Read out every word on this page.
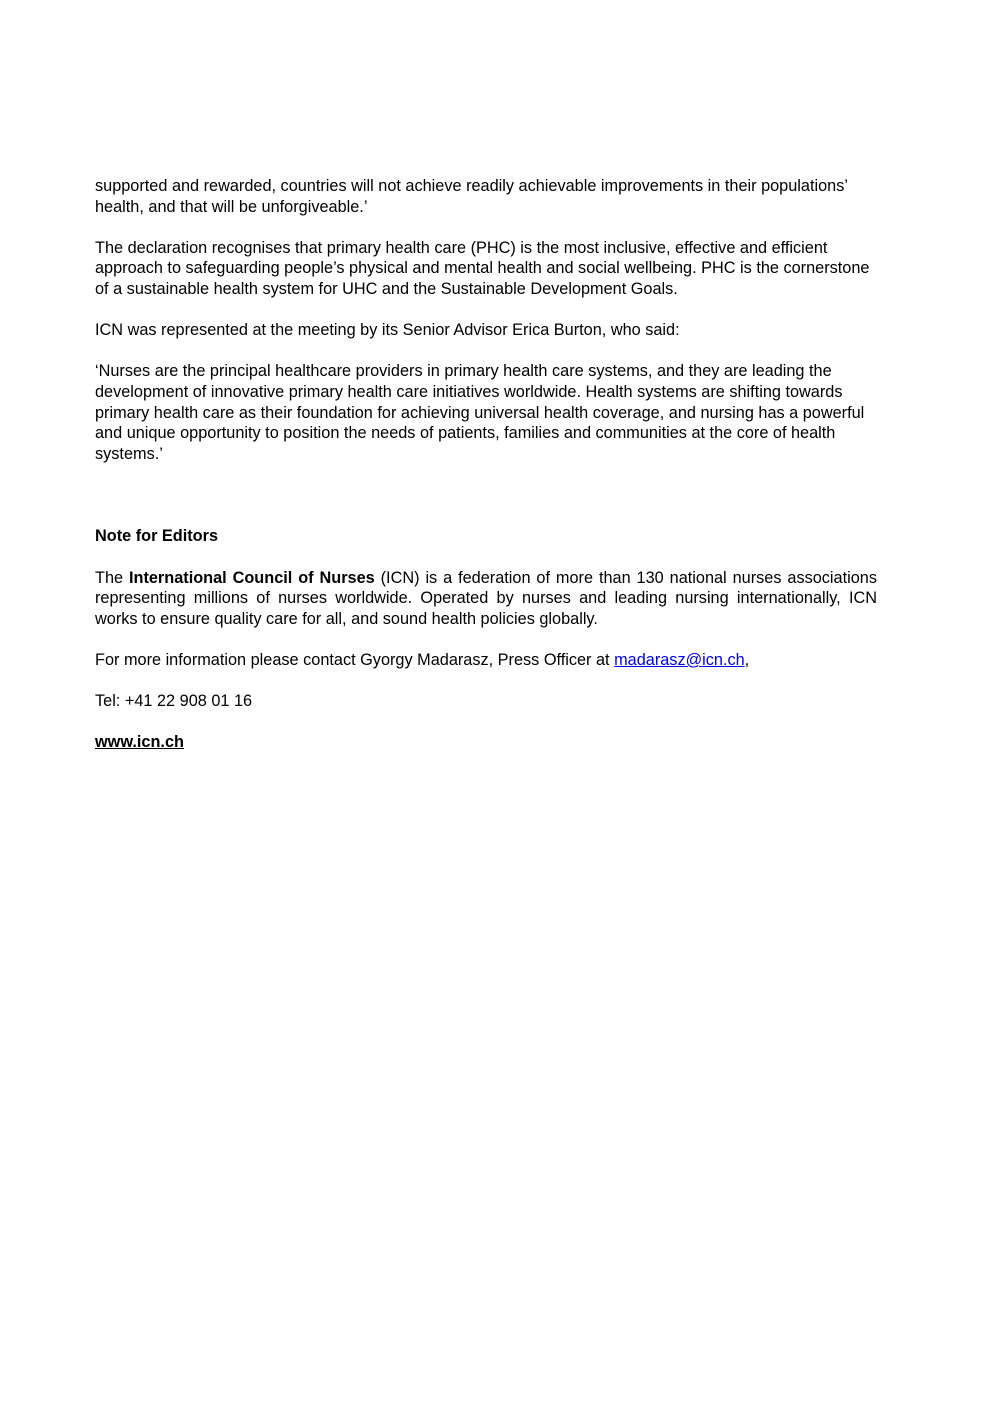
supported and rewarded, countries will not achieve readily achievable improvements in their populations’ health, and that will be unforgiveable.’

The declaration recognises that primary health care (PHC) is the most inclusive, effective and efficient approach to safeguarding people’s physical and mental health and social wellbeing. PHC is the cornerstone of a sustainable health system for UHC and the Sustainable Development Goals.

ICN was represented at the meeting by its Senior Advisor Erica Burton, who said:

‘Nurses are the principal healthcare providers in primary health care systems, and they are leading the development of innovative primary health care initiatives worldwide. Health systems are shifting towards primary health care as their foundation for achieving universal health coverage, and nursing has a powerful and unique opportunity to position the needs of patients, families and communities at the core of health systems.’

Note for Editors

The International Council of Nurses (ICN) is a federation of more than 130 national nurses associations representing millions of nurses worldwide. Operated by nurses and leading nursing internationally, ICN works to ensure quality care for all, and sound health policies globally.

For more information please contact Gyorgy Madarasz, Press Officer at madarasz@icn.ch,

Tel: +41 22 908 01 16

www.icn.ch
